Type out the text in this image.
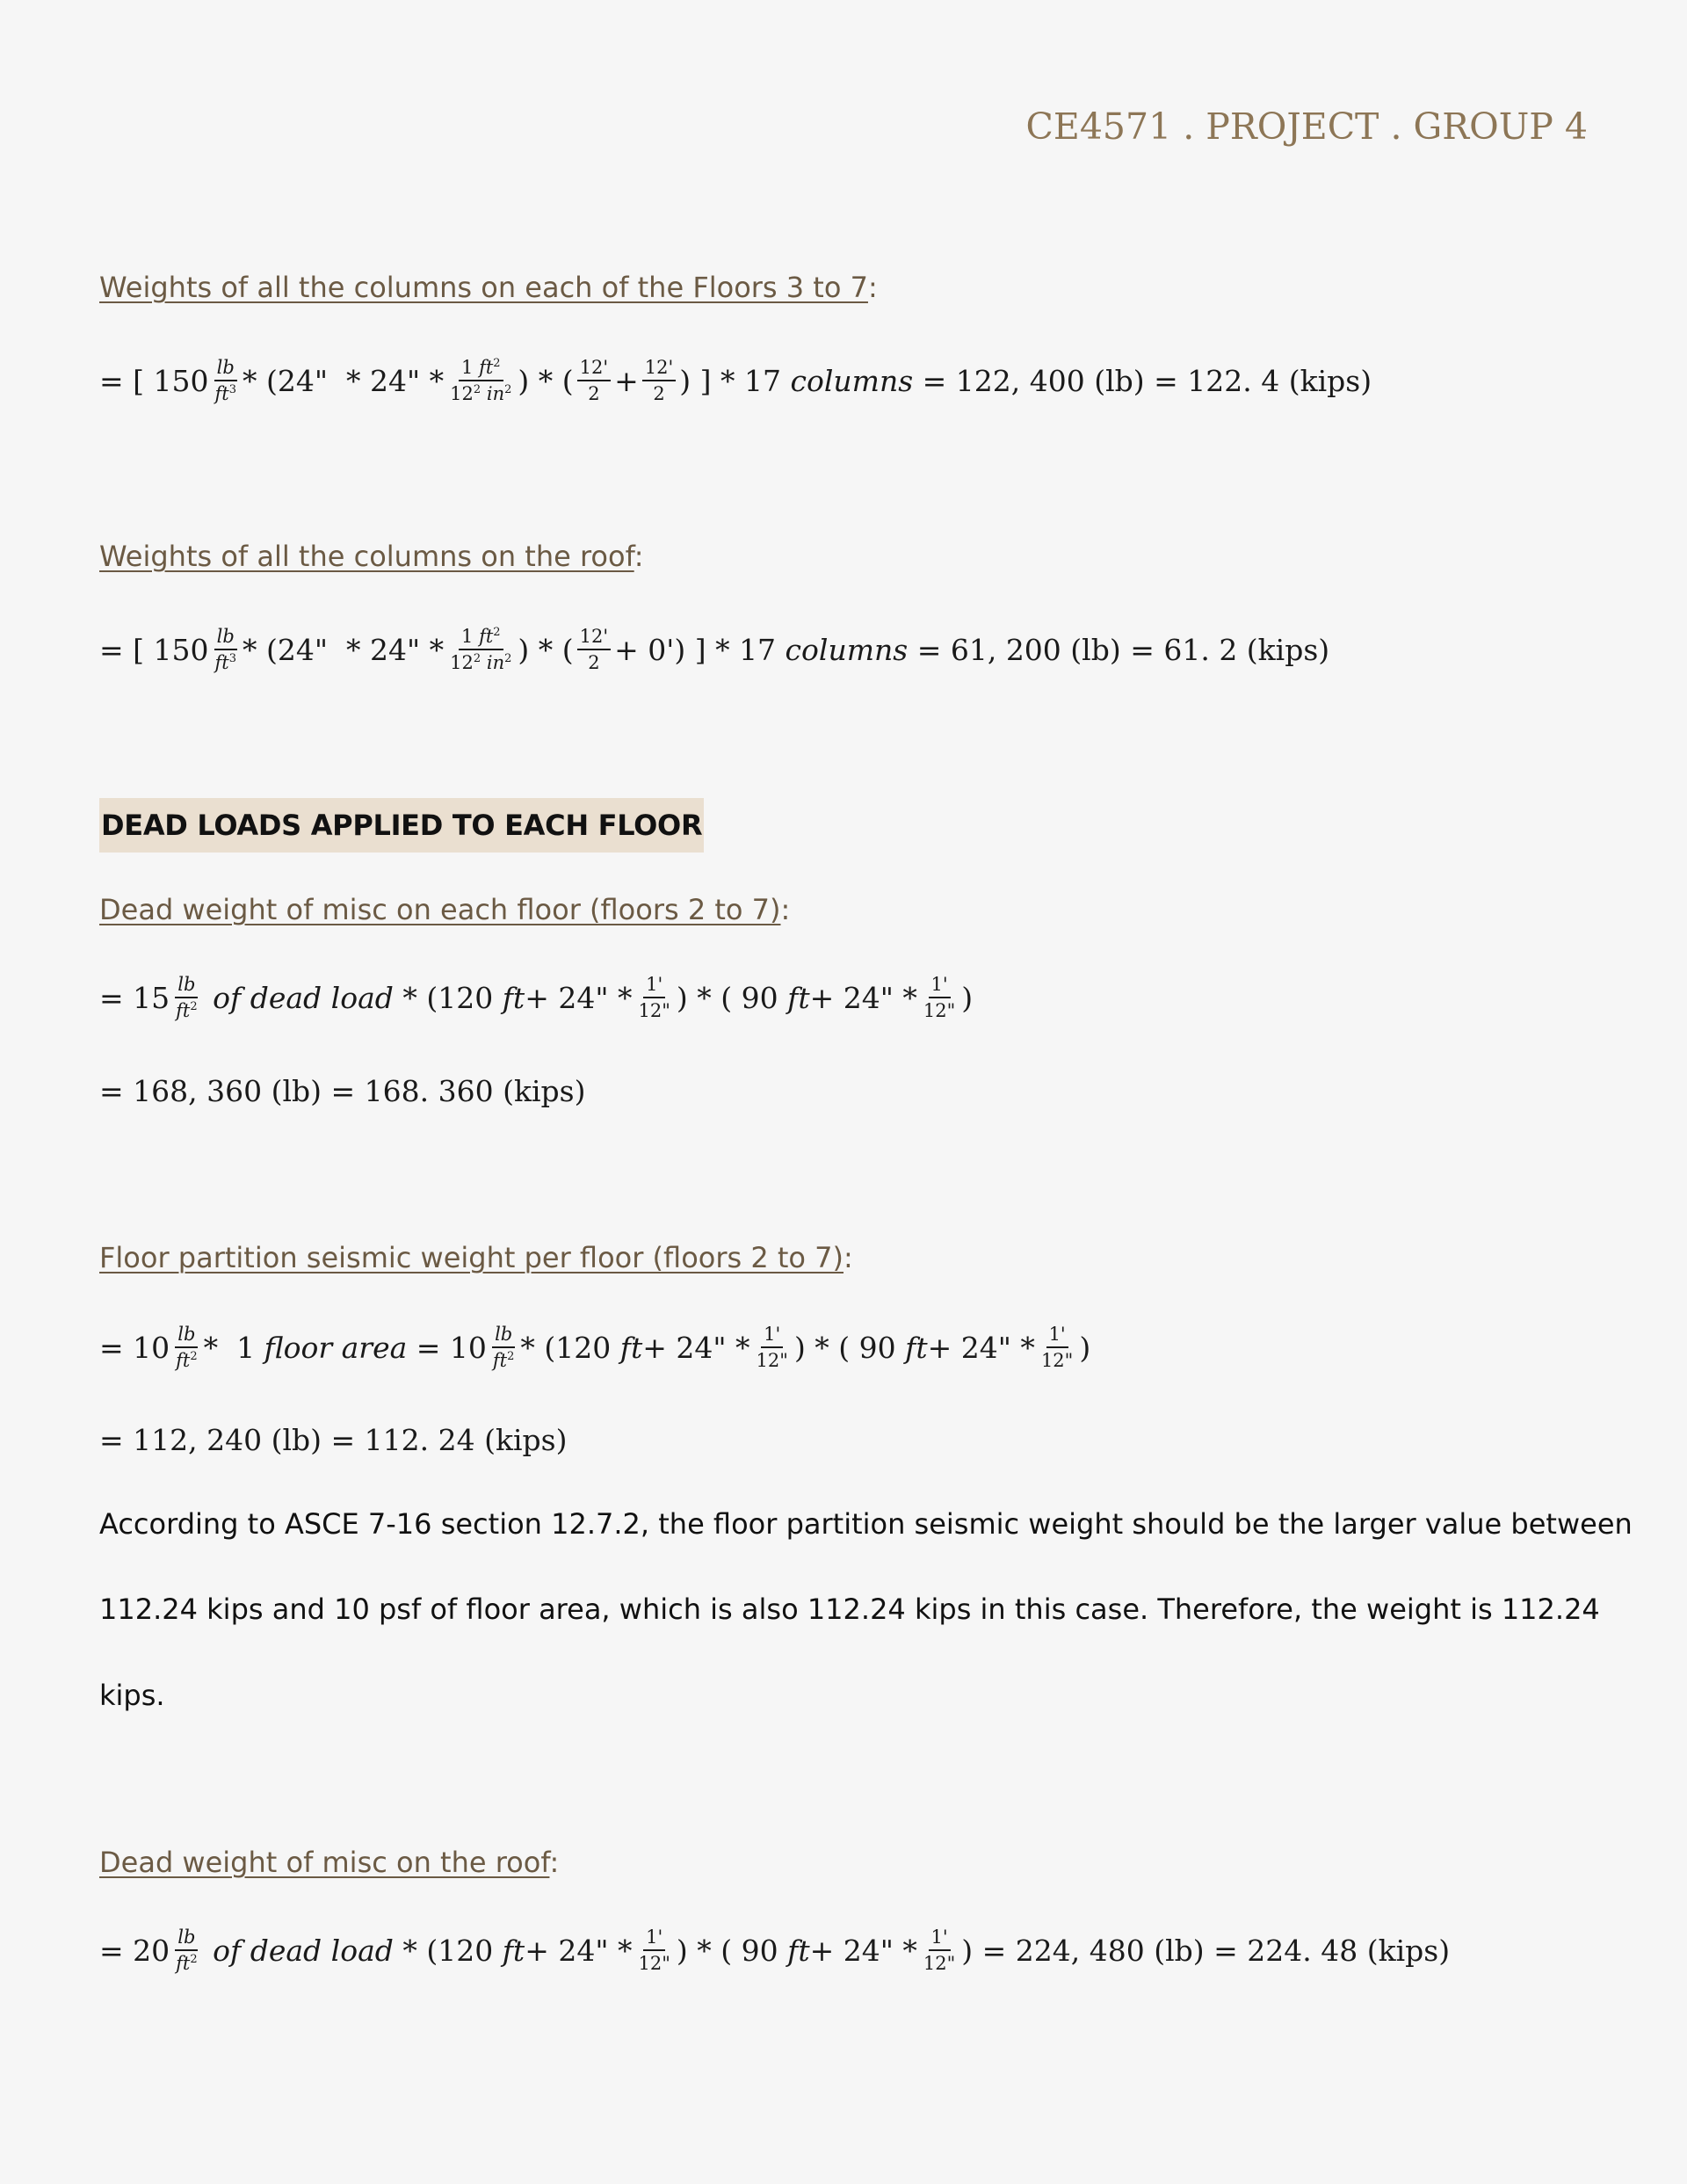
CE4571 . PROJECT . GROUP 4
Weights of all the columns on each of the Floors 3 to 7:
= [ $150 \frac{lb}{ft^3} * (24$"  * 24" * $\frac{1 ft^2}{12^2 in^2}$ ) * ( $\frac{12'}{2} + \frac{12'}{2}$ ) ] * 17 columns
= 122, 400 (lb) = 122. 4 (kips)
Weights of all the columns on the roof:
= [ $150 \frac{lb}{ft^3} * (24$"  * 24" * $\frac{1 ft^2}{12^2 in^2}$ ) * ( $\frac{12'}{2} + 0'$) ] * 17 columns
= 61, 200 (lb) = 61. 2 (kips)
DEAD LOADS APPLIED TO EACH FLOOR
Dead weight of misc on each floor (floors 2 to 7):
= $15 \frac{lb}{ft^2}$ of dead load * (120 ft + 24" * $\frac{1'}{12"}$ ) * ( 90 ft + 24" * $\frac{1'}{12"}$ )
= 168, 360 (lb) = 168. 360 (kips)
Floor partition seismic weight per floor (floors 2 to 7):
= $10 \frac{lb}{ft^2} * 1$ floor area = $10 \frac{lb}{ft^2} * (120$ ft + 24" * $\frac{1'}{12"}$ ) * ( 90 ft + 24" * $\frac{1'}{12"}$ )
= 112, 240 (lb) = 112. 24 (kips)
According to ASCE 7-16 section 12.7.2, the floor partition seismic weight should be the larger value between
112.24 kips and 10 psf of floor area, which is also 112.24 kips in this case. Therefore, the weight is 112.24
kips.
Dead weight of misc on the roof:
= $20 \frac{lb}{ft^2}$ of dead load * (120 ft + 24" * $\frac{1'}{12"}$ ) * ( 90 ft + 24" * $\frac{1'}{12"}$ ) = 224, 480 (lb) = 224. 48 (kips)
